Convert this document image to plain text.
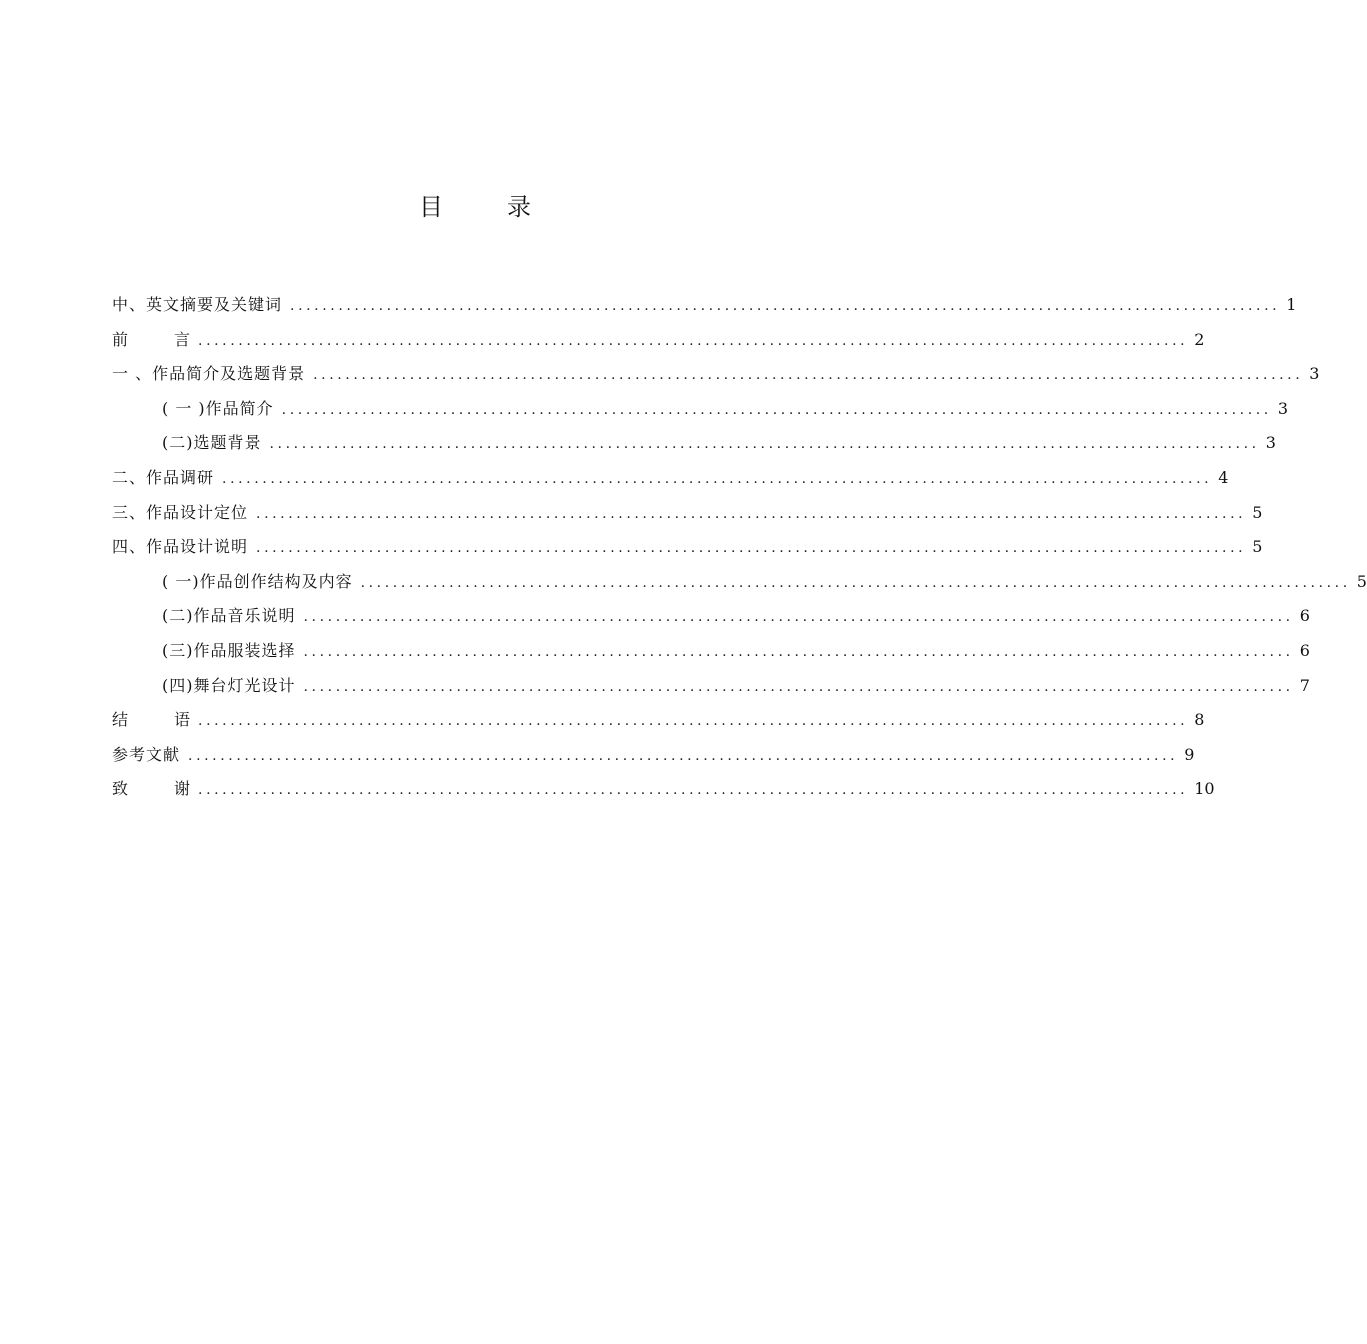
目	录
中、英文摘要及关键词 ........................................................................................................................... 1
前	言 ........................................................................................................................... 2
一 、作品简介及选题背景 ........................................................................................................................... 3
( 一 )作品简介 ........................................................................................................................... 3
(二)选题背景 ........................................................................................................................... 3
二、作品调研 ........................................................................................................................... 4
三、作品设计定位 ........................................................................................................................... 5
四、作品设计说明 ........................................................................................................................... 5
( 一)作品创作结构及内容 ........................................................................................................................... 5
(二)作品音乐说明 ........................................................................................................................... 6
(三)作品服装选择 ........................................................................................................................... 6
(四)舞台灯光设计 ........................................................................................................................... 7
结	语 ........................................................................................................................... 8
参考文献 ........................................................................................................................... 9
致	谢 ........................................................................................................................... 10
